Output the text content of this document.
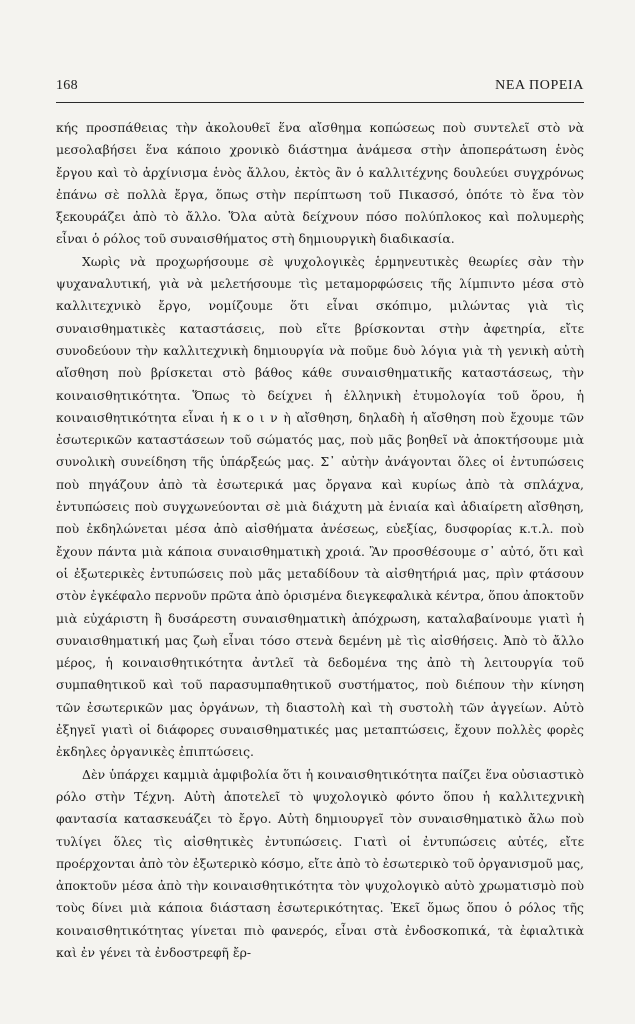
168	ΝΕΑ ΠΟΡΕΙΑ

κής προσπάθειας τὴν ἀκολουθεῖ ἕνα αἴσθημα κοπώσεως ποὺ συντελεῖ στὸ νὰ μεσολαβήσει ἕνα κάποιο χρονικὸ διάστημα ἀνάμεσα στὴν ἀποπεράτωση ἑνὸς ἔργου καὶ τὸ ἀρχίνισμα ἑνὸς ἄλλου, ἐκτὸς ἂν ὁ καλλιτέχνης δουλεύει συγχρόνως ἐπάνω σὲ πολλὰ ἔργα, ὅπως στὴν περίπτωση τοῦ Πικασσό, ὁπότε τὸ ἕνα τὸν ξεκουράζει ἀπὸ τὸ ἄλλο. Ὅλα αὐτὰ δείχνουν πόσο πολύπλοκος καὶ πολυμερὴς εἶναι ὁ ρόλος τοῦ συναισθήματος στὴ δημιουργικὴ διαδικασία.

Χωρὶς νὰ προχωρήσουμε σὲ ψυχολογικὲς ἑρμηνευτικὲς θεωρίες σὰν τὴν ψυχαναλυτική, γιὰ νὰ μελετήσουμε τὶς μεταμορφώσεις τῆς λίμπιντο μέσα στὸ καλλιτεχνικὸ ἔργο, νομίζουμε ὅτι εἶναι σκόπιμο, μιλώντας γιὰ τὶς συναισθηματικὲς καταστάσεις, ποὺ εἴτε βρίσκονται στὴν ἀφετηρία, εἴτε συνοδεύουν τὴν καλλιτεχνικὴ δημιουργία νὰ ποῦμε δυὸ λόγια γιὰ τὴ γενικὴ αὐτὴ αἴσθηση ποὺ βρίσκεται στὸ βάθος κάθε συναισθηματικῆς καταστάσεως, τὴν κοιναισθητικότητα. Ὅπως τὸ δείχνει ἡ ἑλληνικὴ ἐτυμολογία τοῦ ὅρου, ἡ κοιναισθητικότητα εἶναι ἡ κ ο ι ν ὴ αἴσθηση, δηλαδὴ ἡ αἴσθηση ποὺ ἔχουμε τῶν ἐσωτερικῶν καταστάσεων τοῦ σώματός μας, ποὺ μᾶς βοηθεῖ νὰ ἀποκτήσουμε μιὰ συνολικὴ συνείδηση τῆς ὑπάρξεώς μας. Σ᾽ αὐτὴν ἀνάγονται ὅλες οἱ ἐντυπώσεις ποὺ πηγάζουν ἀπὸ τὰ ἐσωτερικά μας ὄργανα καὶ κυρίως ἀπὸ τὰ σπλάχνα, ἐντυπώσεις ποὺ συγχωνεύονται σὲ μιὰ διάχυτη μὰ ἑνιαία καὶ ἀδιαίρετη αἴσθηση, ποὺ ἐκδηλώνεται μέσα ἀπὸ αἰσθήματα ἀνέσεως, εὐεξίας, δυσφορίας κ.τ.λ. ποὺ ἔχουν πάντα μιὰ κάποια συναισθηματικὴ χροιά. Ἂν προσθέσουμε σ᾽ αὐτό, ὅτι καὶ οἱ ἐξωτερικὲς ἐντυπώσεις ποὺ μᾶς μεταδίδουν τὰ αἰσθητήριά μας, πρὶν φτάσουν στὸν ἐγκέφαλο περνοῦν πρῶτα ἀπὸ ὁρισμένα διεγκεφαλικὰ κέντρα, ὅπου ἀποκτοῦν μιὰ εὐχάριστη ἢ δυσάρεστη συναισθηματικὴ ἀπόχρωση, καταλαβαίνουμε γιατὶ ἡ συναισθηματική μας ζωὴ εἶναι τόσο στενὰ δεμένη μὲ τὶς αἰσθήσεις. Ἀπὸ τὸ ἄλλο μέρος, ἡ κοιναισθητικότητα ἀντλεῖ τὰ δεδομένα της ἀπὸ τὴ λειτουργία τοῦ συμπαθητικοῦ καὶ τοῦ παρασυμπαθητικοῦ συστήματος, ποὺ διέπουν τὴν κίνηση τῶν ἐσωτερικῶν μας ὀργάνων, τὴ διαστολὴ καὶ τὴ συστολὴ τῶν ἀγγείων. Αὐτὸ ἐξηγεῖ γιατὶ οἱ διάφορες συναισθηματικές μας μεταπτώσεις, ἔχουν πολλὲς φορὲς ἐκδηλες ὀργανικὲς ἐπιπτώσεις.

Δὲν ὑπάρχει καμμιὰ ἀμφιβολία ὅτι ἡ κοιναισθητικότητα παίζει ἕνα οὐσιαστικὸ ρόλο στὴν Τέχνη. Αὐτὴ ἀποτελεῖ τὸ ψυχολογικὸ φόντο ὅπου ἡ καλλιτεχνικὴ φαντασία κατασκευάζει τὸ ἔργο. Αὐτὴ δημιουργεῖ τὸν συναισθηματικὸ ἄλω ποὺ τυλίγει ὅλες τὶς αἰσθητικὲς ἐντυπώσεις. Γιατὶ οἱ ἐντυπώσεις αὐτές, εἴτε προέρχονται ἀπὸ τὸν ἐξωτερικὸ κόσμο, εἴτε ἀπὸ τὸ ἐσωτερικὸ τοῦ ὀργανισμοῦ μας, ἀποκτοῦν μέσα ἀπὸ τὴν κοιναισθητικότητα τὸν ψυχολογικὸ αὐτὸ χρωματισμὸ ποὺ τοὺς δίνει μιὰ κάποια διάσταση ἐσωτερικότητας. Ἐκεῖ ὅμως ὅπου ὁ ρόλος τῆς κοιναισθητικότητας γίνεται πιὸ φανερός, εἶναι στὰ ἐνδοσκοπικά, τὰ ἐφιαλτικὰ καὶ ἐν γένει τὰ ἐνδοστρεφῆ ἔρ-
